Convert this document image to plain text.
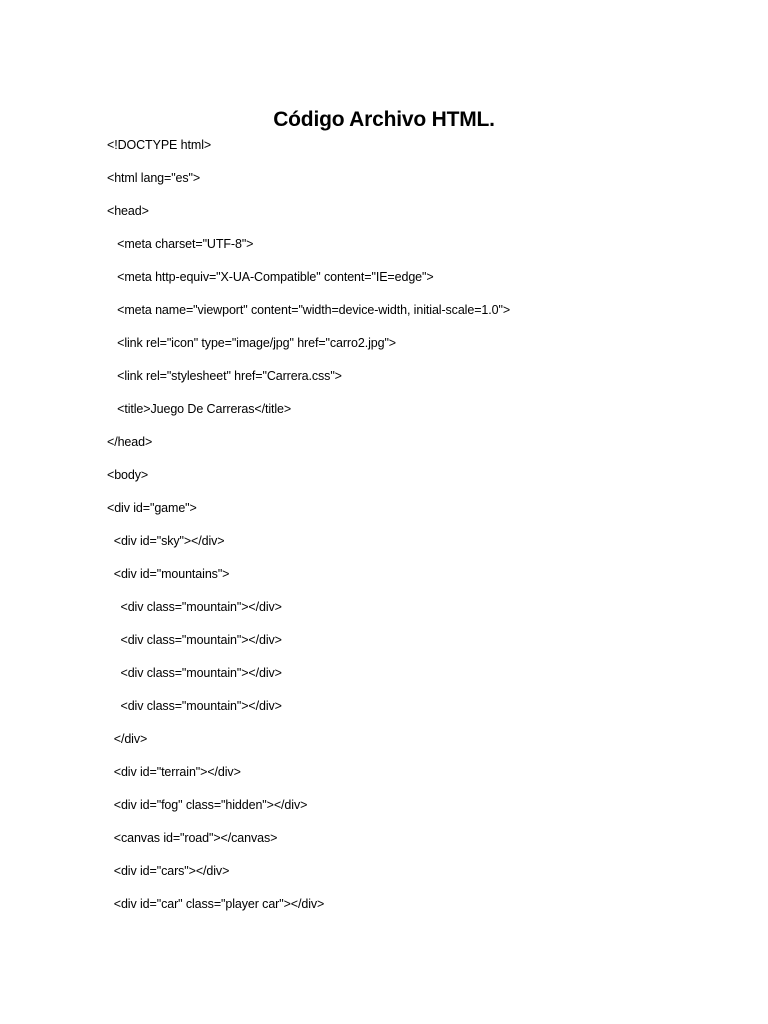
Código Archivo HTML.
<!DOCTYPE html>
<html lang="es">
<head>
<meta charset="UTF-8">
<meta http-equiv="X-UA-Compatible" content="IE=edge">
<meta name="viewport" content="width=device-width, initial-scale=1.0">
<link rel="icon" type="image/jpg" href="carro2.jpg">
<link rel="stylesheet" href="Carrera.css">
<title>Juego De Carreras</title>
</head>
<body>
<div id="game">
<div id="sky"></div>
<div id="mountains">
<div class="mountain"></div>
<div class="mountain"></div>
<div class="mountain"></div>
<div class="mountain"></div>
</div>
<div id="terrain"></div>
<div id="fog" class="hidden"></div>
<canvas id="road"></canvas>
<div id="cars"></div>
<div id="car" class="player car"></div>
